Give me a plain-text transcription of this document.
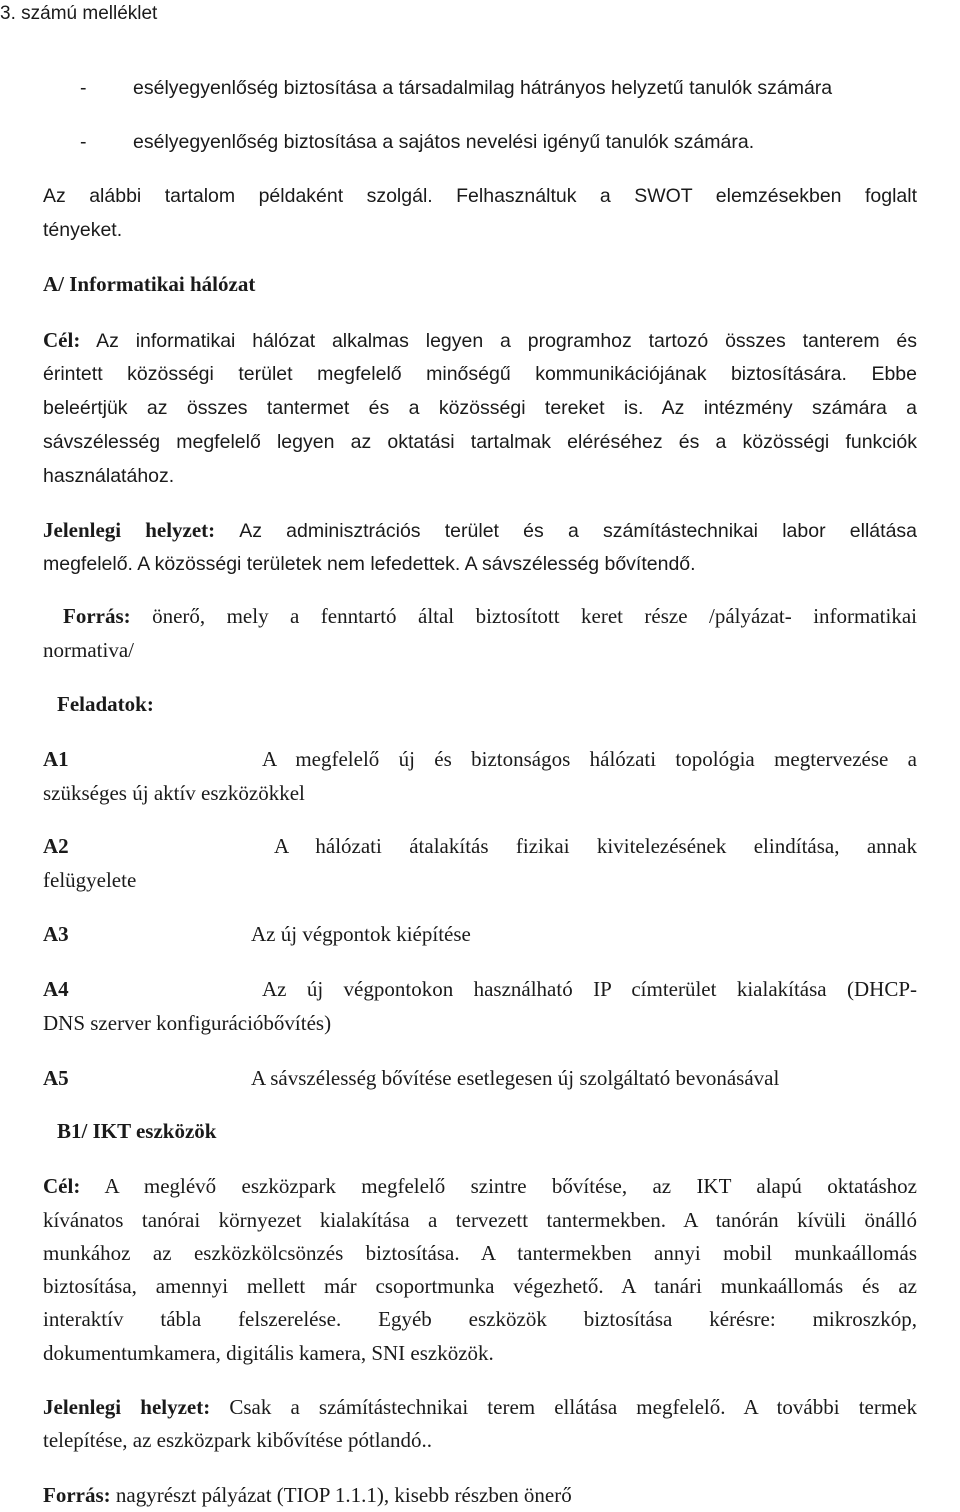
3. számú melléklet
- esélyegyenlőség biztosítása a társadalmilag hátrányos helyzetű tanulók számára
- esélyegyenlőség biztosítása a sajátos nevelési igényű tanulók számára.
Az alábbi tartalom példaként szolgál. Felhasználtuk a SWOT elemzésekben foglalt
tényeket.
A/ Informatikai hálózat
Cél: Az informatikai hálózat alkalmas legyen a programhoz tartozó összes tanterem és
érintett közösségi terület megfelelő minőségű kommunikációjának biztosítására. Ebbe
beleértjük az összes tantermet és a közösségi tereket is. Az intézmény számára a
sávszélesség megfelelő legyen az oktatási tartalmak eléréséhez és a közösségi funkciók
használatához.
Jelenlegi helyzet: Az adminisztrációs terület és a számítástechnikai labor ellátása
megfelelő. A közösségi területek nem lefedettek. A sávszélesség bővítendő.
Forrás: önerő, mely a fenntartó által biztosított keret része /pályázat- informatikai
normativa/
Feladatok:
A1	A megfelelő új és biztonságos hálózati topológia megtervezése a
szükséges új aktív eszközökkel
A2	A hálózati átalakítás fizikai kivitelezésének elindítása, annak
felügyelete
A3	Az új végpontok kiépítése
A4	Az új végpontokon használható IP címterület kialakítása (DHCP-
DNS szerver konfigurációbővítés)
A5	A sávszélesség bővítése esetlegesen új szolgáltató bevonásával
B1/ IKT eszközök
Cél: A meglévő eszközpark megfelelő szintre bővítése, az IKT alapú oktatáshoz
kívánatos tanórai környezet kialakítása a tervezett tantermekben. A tanórán kívüli önálló
munkához az eszközkölcsönzés biztosítása. A tantermekben annyi mobil munkaállomás
biztosítása, amennyi mellett már csoportmunka végezhető. A tanári munkaállomás és az
interaktív tábla felszerelése. Egyéb eszközök biztosítása kérésre: mikroszkóp,
dokumentumkamera, digitális kamera, SNI eszközök.
Jelenlegi helyzet: Csak a számítástechnikai terem ellátása megfelelő. A további termek
telepítése, az eszközpark kibővítése pótlandó..
Forrás: nagyrészt pályázat (TIOP 1.1.1), kisebb részben önerő
